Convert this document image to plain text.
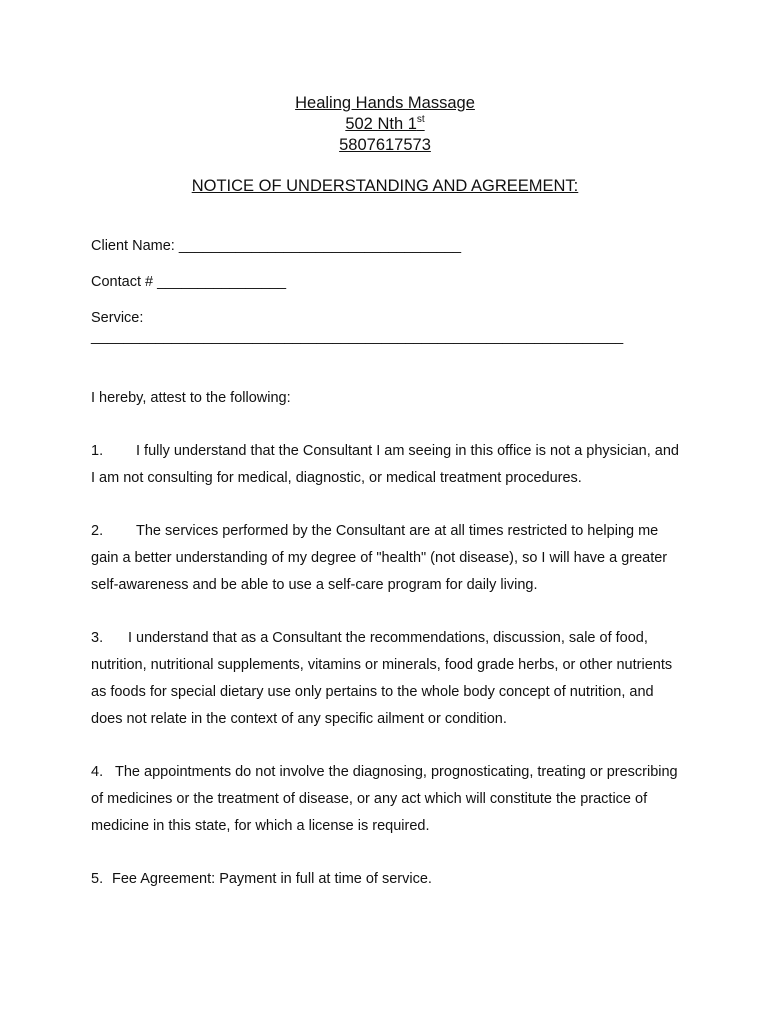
Healing Hands Massage
502 Nth 1st
5807617573
NOTICE OF UNDERSTANDING AND AGREEMENT:
Client Name: ___________________________________
Contact # ________________
Service:
__________________________________________________________________
I hereby, attest to the following:
1. I fully understand that the Consultant I am seeing in this office is not a physician, and I am not consulting for medical, diagnostic, or medical treatment procedures.
2. The services performed by the Consultant are at all times restricted to helping me gain a better understanding of my degree of "health" (not disease), so I will have a greater self-awareness and be able to use a self-care program for daily living.
3. I understand that as a Consultant the recommendations, discussion, sale of food, nutrition, nutritional supplements, vitamins or minerals, food grade herbs, or other nutrients as foods for special dietary use only pertains to the whole body concept of nutrition, and does not relate in the context of any specific ailment or condition.
4. The appointments do not involve the diagnosing, prognosticating, treating or prescribing of medicines or the treatment of disease, or any act which will constitute the practice of medicine in this state, for which a license is required.
5. Fee Agreement: Payment in full at time of service.
